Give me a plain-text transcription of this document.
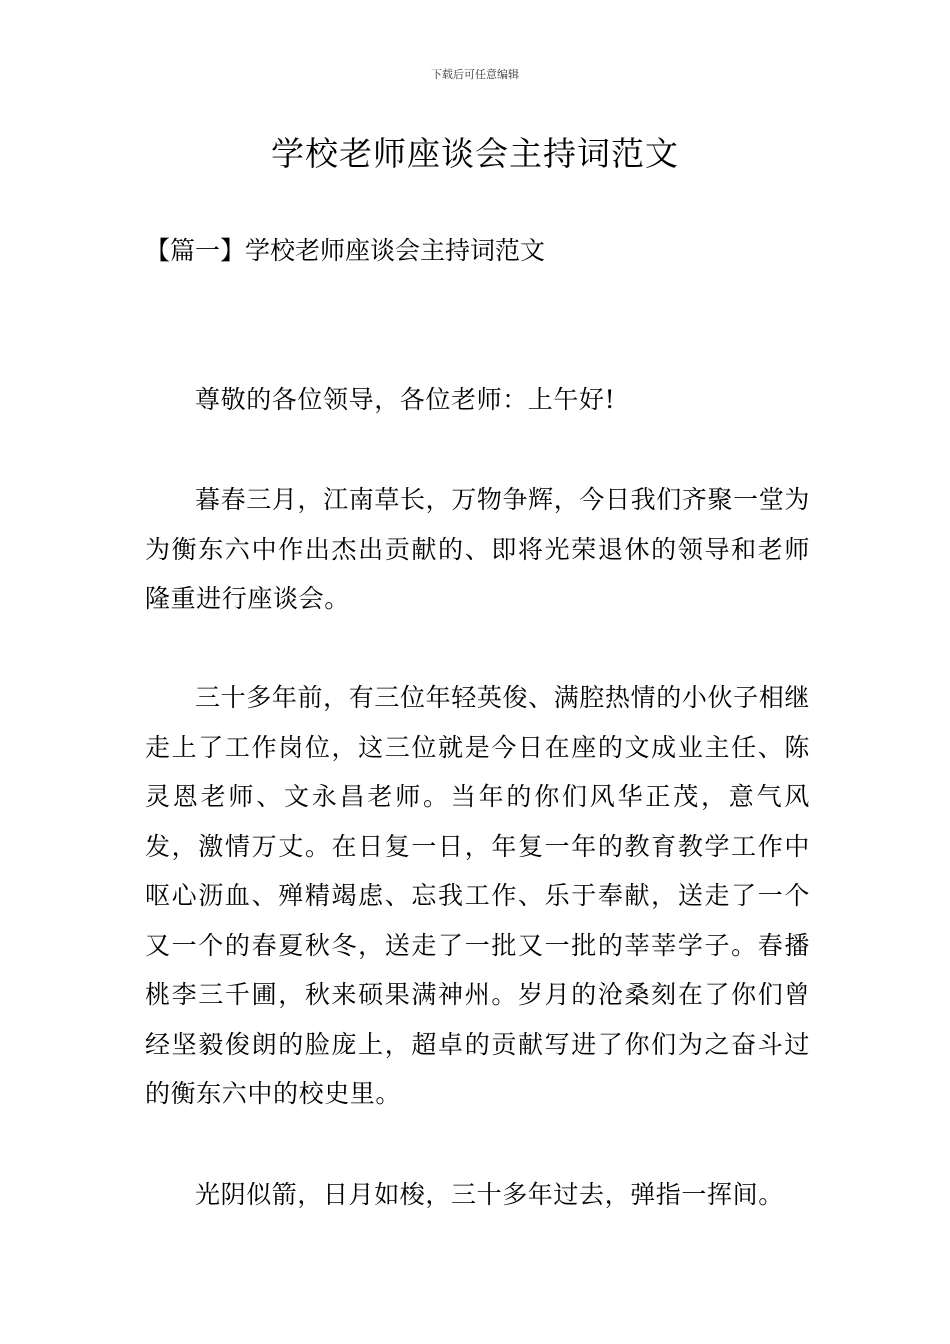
下载后可任意编辑
学校老师座谈会主持词范文
【篇一】学校老师座谈会主持词范文

尊敬的各位领导，各位老师：上午好!

暮春三月，江南草长，万物争辉，今日我们齐聚一堂为为衡东六中作出杰出贡献的、即将光荣退休的领导和老师隆重进行座谈会。

三十多年前，有三位年轻英俊、满腔热情的小伙子相继走上了工作岗位，这三位就是今日在座的文成业主任、陈灵恩老师、文永昌老师。当年的你们风华正茂，意气风发，激情万丈。在日复一日，年复一年的教育教学工作中呕心沥血、殚精竭虑、忘我工作、乐于奉献，送走了一个又一个的春夏秋冬，送走了一批又一批的莘莘学子。春播桃李三千圃，秋来硕果满神州。岁月的沧桑刻在了你们曾经坚毅俊朗的脸庞上，超卓的贡献写进了你们为之奋斗过的衡东六中的校史里。

光阴似箭，日月如梭，三十多年过去，弹指一挥间。
